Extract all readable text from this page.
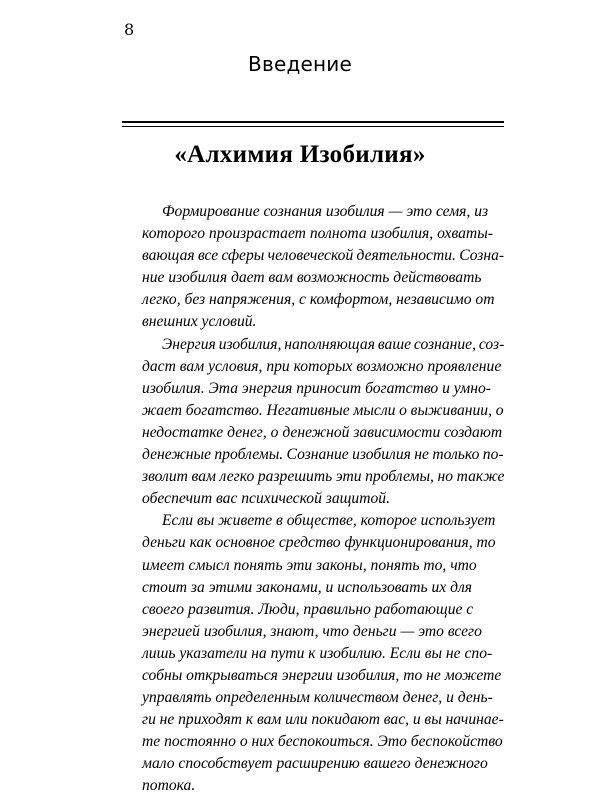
8
Введение
«Алхимия Изобилия»

Формирование сознания изобилия — это семя, из
которого произрастает полнота изобилия, охваты-
вающая все сферы человеческой деятельности. Созна-
ние изобилия дает вам возможность действовать
легко, без напряжения, с комфортом, независимо от
внешних условий.

Энергия изобилия, наполняющая ваше сознание, соз-
даст вам условия, при которых возможно проявление
изобилия. Эта энергия приносит богатство и умно-
жает богатство. Негативные мысли о выживании, о
недостатке денег, о денежной зависимости создают
денежные проблемы. Сознание изобилия не только по-
зволит вам легко разрешить эти проблемы, но также
обеспечит вас психической защитой.

Если вы живете в обществе, которое использует
деньги как основное средство функционирования, то
имеет смысл понять эти законы, понять то, что
стоит за этими законами, и использовать их для
своего развития. Люди, правильно работающие с
энергией изобилия, знают, что деньги — это всего
лишь указатели на пути к изобилию. Если вы не спо-
собны открываться энергии изобилия, то не можете
управлять определенным количеством денег, и день-
ги не приходят к вам или покидают вас, и вы начинае-
те постоянно о них беспокоиться. Это беспокойство
мало способствует расширению вашего денежного
потока.
